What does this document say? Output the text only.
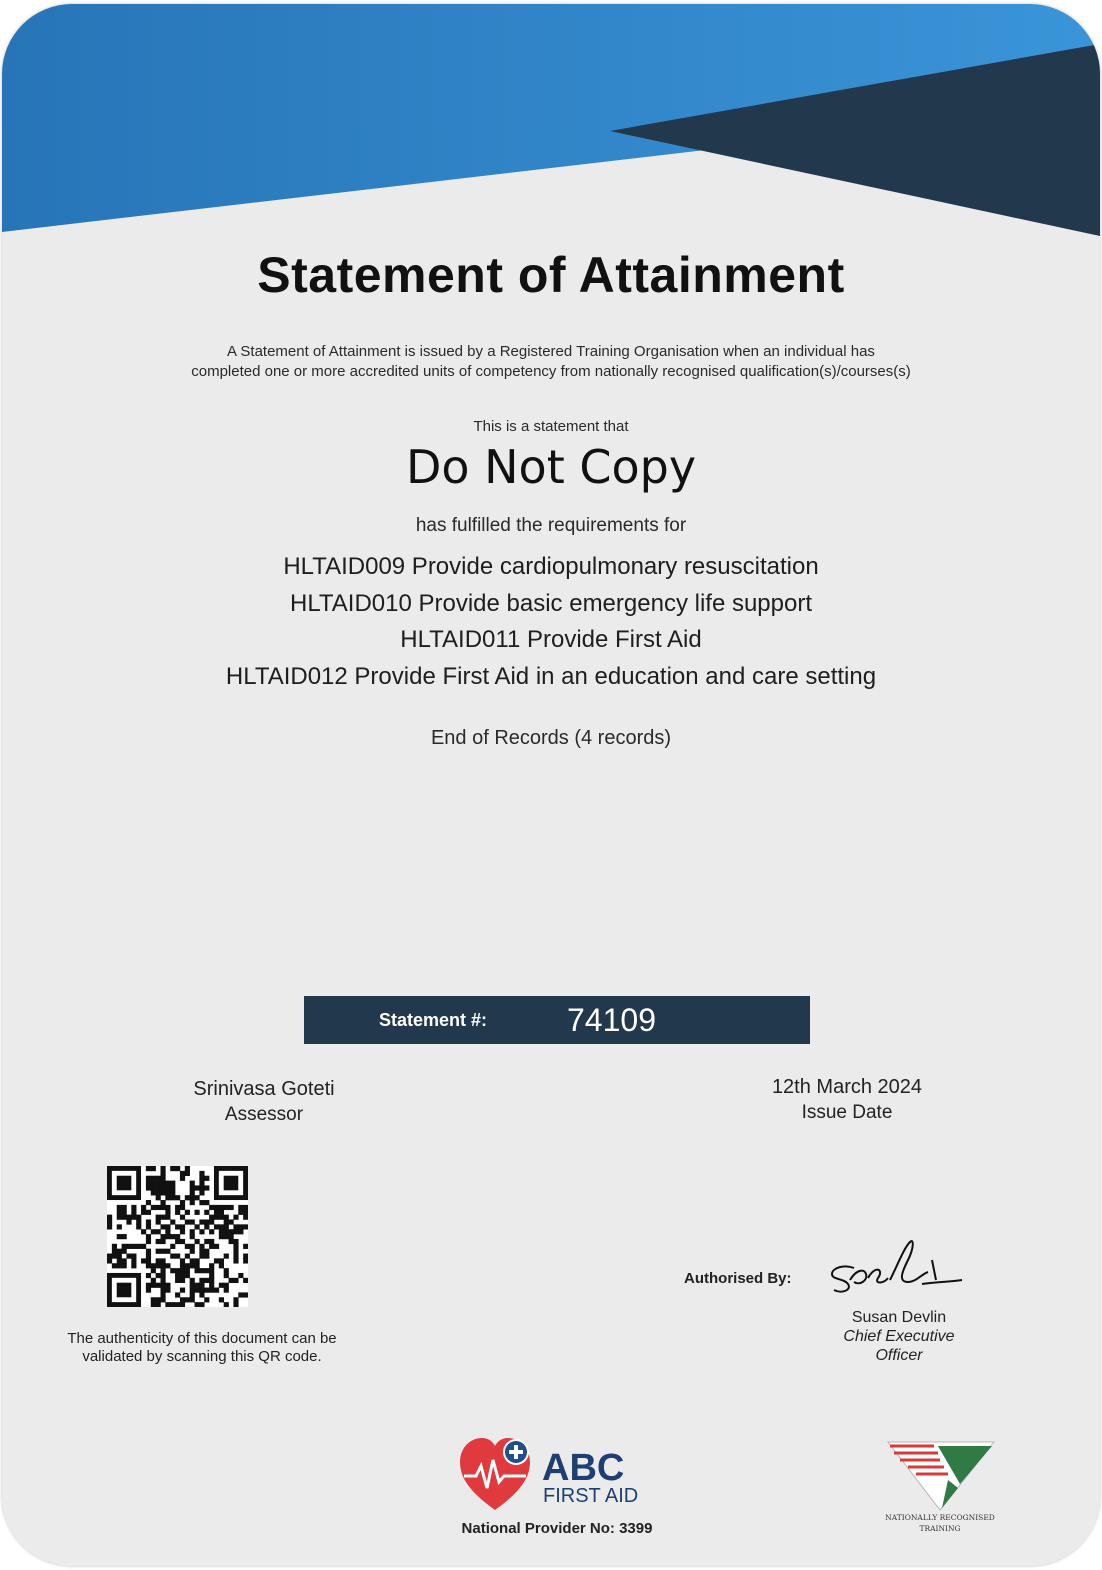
Statement of Attainment
A Statement of Attainment is issued by a Registered Training Organisation when an individual has
completed one or more accredited units of competency from nationally recognised qualification(s)/courses(s)
This is a statement that
Do Not Copy
has fulfilled the requirements for
HLTAID009 Provide cardiopulmonary resuscitation
HLTAID010 Provide basic emergency life support
HLTAID011 Provide First Aid
HLTAID012 Provide First Aid in an education and care setting
End of Records (4 records)
Statement #: 74109
Srinivasa Goteti
Assessor
12th March 2024
Issue Date
The authenticity of this document can be
validated by scanning this QR code.
Authorised By:
Susan Devlin
Chief Executive
Officer
ABC
FIRST AID
National Provider No: 3399
NATIONALLY RECOGNISED
TRAINING
